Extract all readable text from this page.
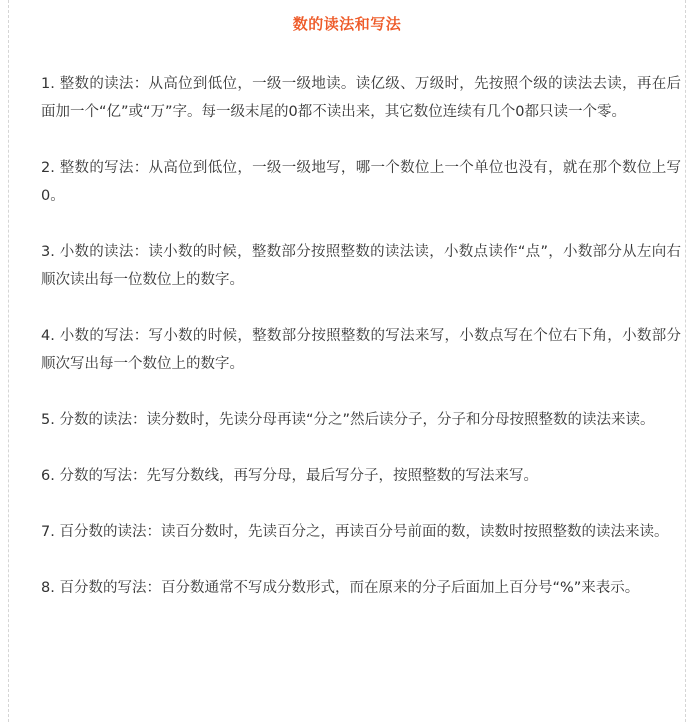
数的读法和写法

1. 整数的读法：从高位到低位，一级一级地读。读亿级、万级时，先按照个级的读法去读，再在后面加一个“亿”或“万”字。每一级末尾的0都不读出来，其它数位连续有几个0都只读一个零。

2. 整数的写法：从高位到低位，一级一级地写，哪一个数位上一个单位也没有，就在那个数位上写0。

3. 小数的读法：读小数的时候，整数部分按照整数的读法读，小数点读作“点”，小数部分从左向右顺次读出每一位数位上的数字。

4. 小数的写法：写小数的时候，整数部分按照整数的写法来写，小数点写在个位右下角，小数部分顺次写出每一个数位上的数字。

5. 分数的读法：读分数时，先读分母再读“分之”然后读分子，分子和分母按照整数的读法来读。

6. 分数的写法：先写分数线，再写分母，最后写分子，按照整数的写法来写。

7. 百分数的读法：读百分数时，先读百分之，再读百分号前面的数，读数时按照整数的读法来读。

8. 百分数的写法：百分数通常不写成分数形式，而在原来的分子后面加上百分号“%”来表示。
